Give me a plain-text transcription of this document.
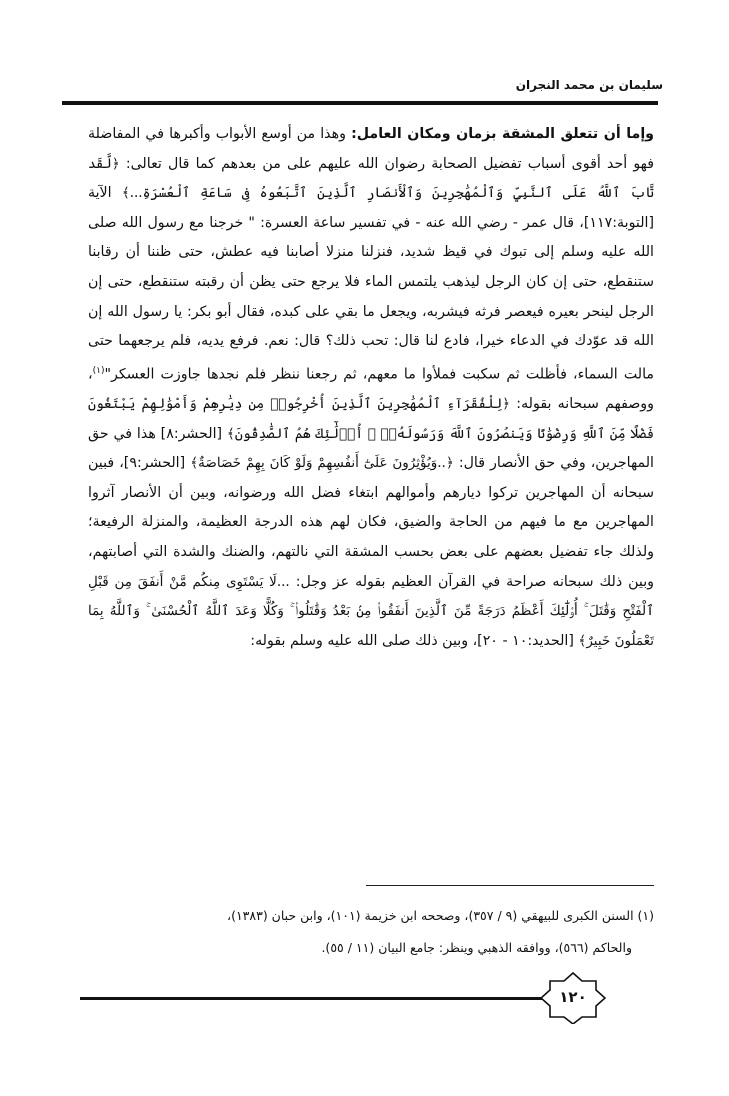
سليمان بن محمد النجران

وإما أن تتعلق المشقة بزمان ومكان العامل: وهذا من أوسع الأبواب وأكبرها في المفاضلة فهو أحد أقوى أسباب تفضيل الصحابة رضوان الله عليهم على من بعدهم كما قال تعالى: ﴿لَّقَد تَّابَ ٱللَّهُ عَلَى ٱلنَّبِيِّ وَٱلْمُهَٰجِرِينَ وَٱلْأَنصَارِ ٱلَّذِينَ ٱتَّبَعُوهُ فِى سَاعَةِ ٱلْعُسْرَةِ...﴾ الآية [التوبة:١١٧]، قال عمر - رضي الله عنه - في تفسير ساعة العسرة: " خرجنا مع رسول الله صلى الله عليه وسلم إلى تبوك في قيظ شديد، فنزلنا منزلا أصابنا فيه عطش، حتى ظننا أن رقابنا ستنقطع، حتى إن كان الرجل ليذهب يلتمس الماء فلا يرجع حتى يظن أن رقبته ستنقطع، حتى إن الرجل لينحر بعيره فيعصر فرثه فيشربه، ويجعل ما بقي على كبده، فقال أبو بكر: يا رسول الله إن الله قد عوّدك في الدعاء خيرا، فادع لنا قال: تحب ذلك؟ قال: نعم. فرفع يديه، فلم يرجعهما حتى مالت السماء، فأظلت ثم سكبت فملأوا ما معهم، ثم رجعنا ننظر فلم نجدها جاوزت العسكر"$^{(١)}$، ووصفهم سبحانه بقوله: ﴿لِلْفُقَرَآءِ ٱلْمُهَٰجِرِينَ ٱلَّذِينَ أُخْرِجُوا۟ مِن دِيَٰرِهِمْ وَأَمْوَٰلِهِمْ يَبْتَغُونَ فَضْلًا مِّنَ ٱللَّهِ وَرِضْوَٰنًا وَيَنصُرُونَ ٱللَّهَ وَرَسُولَهُۥٓ ۚ أُو۟لَٰٓئِكَ هُمُ ٱلصَّٰدِقُونَ﴾ [الحشر:٨] هذا في حق المهاجرين، وفي حق الأنصار قال: ﴿..وَيُؤْثِرُونَ عَلَىٰٓ أَنفُسِهِمْ وَلَوْ كَانَ بِهِمْ خَصَاصَةٌ﴾ [الحشر:٩]، فبين سبحانه أن المهاجرين تركوا ديارهم وأموالهم ابتغاء فضل الله ورضوانه، وبين أن الأنصار آثروا المهاجرين مع ما فيهم من الحاجة والضيق، فكان لهم هذه الدرجة العظيمة، والمنزلة الرفيعة؛ ولذلك جاء تفضيل بعضهم على بعض بحسب المشقة التي نالتهم، والضنك والشدة التي أصابتهم، وبين ذلك سبحانه صراحة في القرآن العظيم بقوله عز وجل: ...لَا يَسْتَوِى مِنكُم مَّنْ أَنفَقَ مِن قَبْلِ ٱلْفَتْحِ وَقَٰتَلَ ۚ أُو۟لَٰٓئِكَ أَعْظَمُ دَرَجَةً مِّنَ ٱلَّذِينَ أَنفَقُوا۟ مِنۢ بَعْدُ وَقَٰتَلُوا۟ ۚ وَكُلًّا وَعَدَ ٱللَّهُ ٱلْحُسْنَىٰ ۚ وَٱللَّهُ بِمَا تَعْمَلُونَ خَبِيرٌ﴾ [الحديد:١٠ - ٢٠]، وبين ذلك صلى الله عليه وسلم بقوله:

(١) السنن الكبرى للبيهقي (٩ / ٣٥٧)، وصححه ابن خزيمة (١٠١)، وابن حبان (١٣٨٣)،

والحاكم (٥٦٦)، ووافقه الذهبي وينظر: جامع البيان (١١ / ٥٥).

١٢٠
